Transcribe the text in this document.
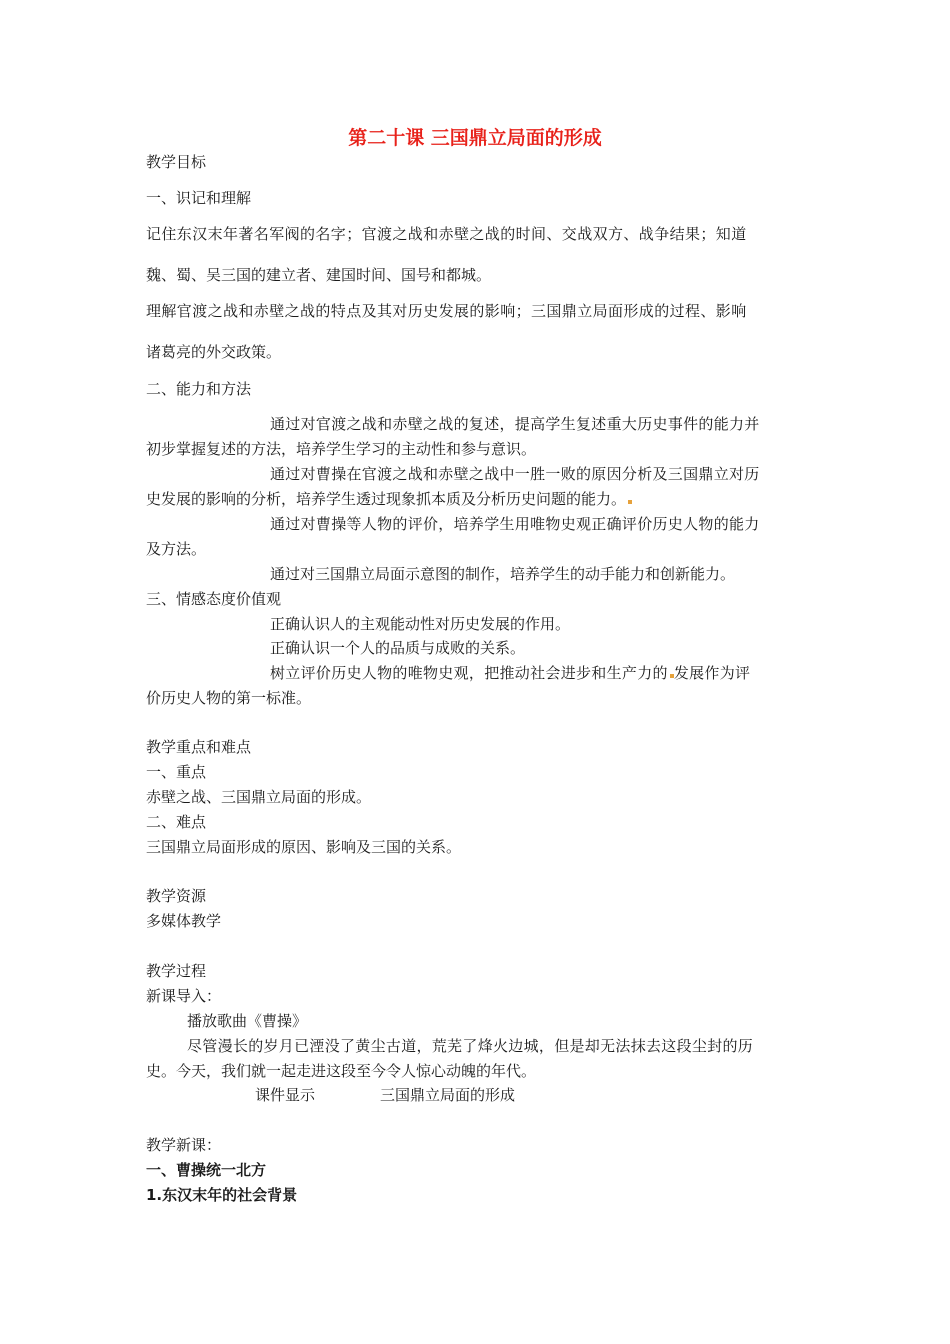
第二十课 三国鼎立局面的形成
教学目标
一、识记和理解
记住东汉末年著名军阀的名字；官渡之战和赤壁之战的时间、交战双方、战争结果；知道
魏、蜀、吴三国的建立者、建国时间、国号和都城。
理解官渡之战和赤壁之战的特点及其对历史发展的影响；三国鼎立局面形成的过程、影响
诸葛亮的外交政策。
二、能力和方法
通过对官渡之战和赤壁之战的复述，提高学生复述重大历史事件的能力并
初步掌握复述的方法，培养学生学习的主动性和参与意识。
通过对曹操在官渡之战和赤壁之战中一胜一败的原因分析及三国鼎立对历
史发展的影响的分析，培养学生透过现象抓本质及分析历史问题的能力。
通过对曹操等人物的评价，培养学生用唯物史观正确评价历史人物的能力
及方法。
通过对三国鼎立局面示意图的制作，培养学生的动手能力和创新能力。
三、情感态度价值观
正确认识人的主观能动性对历史发展的作用。
正确认识一个人的品质与成败的关系。
树立评价历史人物的唯物史观，把推动社会进步和生产力的 发展作为评
价历史人物的第一标准。
教学重点和难点
一、重点
赤壁之战、三国鼎立局面的形成。
二、难点
三国鼎立局面形成的原因、影响及三国的关系。
教学资源
多媒体教学
教学过程
新课导入：
播放歌曲《曹操》
尽管漫长的岁月已湮没了黄尘古道，荒芜了烽火边城，但是却无法抹去这段尘封的历
史。今天，我们就一起走进这段至今令人惊心动魄的年代。
课件显示	三国鼎立局面的形成
教学新课：
一、曹操统一北方
1.东汉末年的社会背景
